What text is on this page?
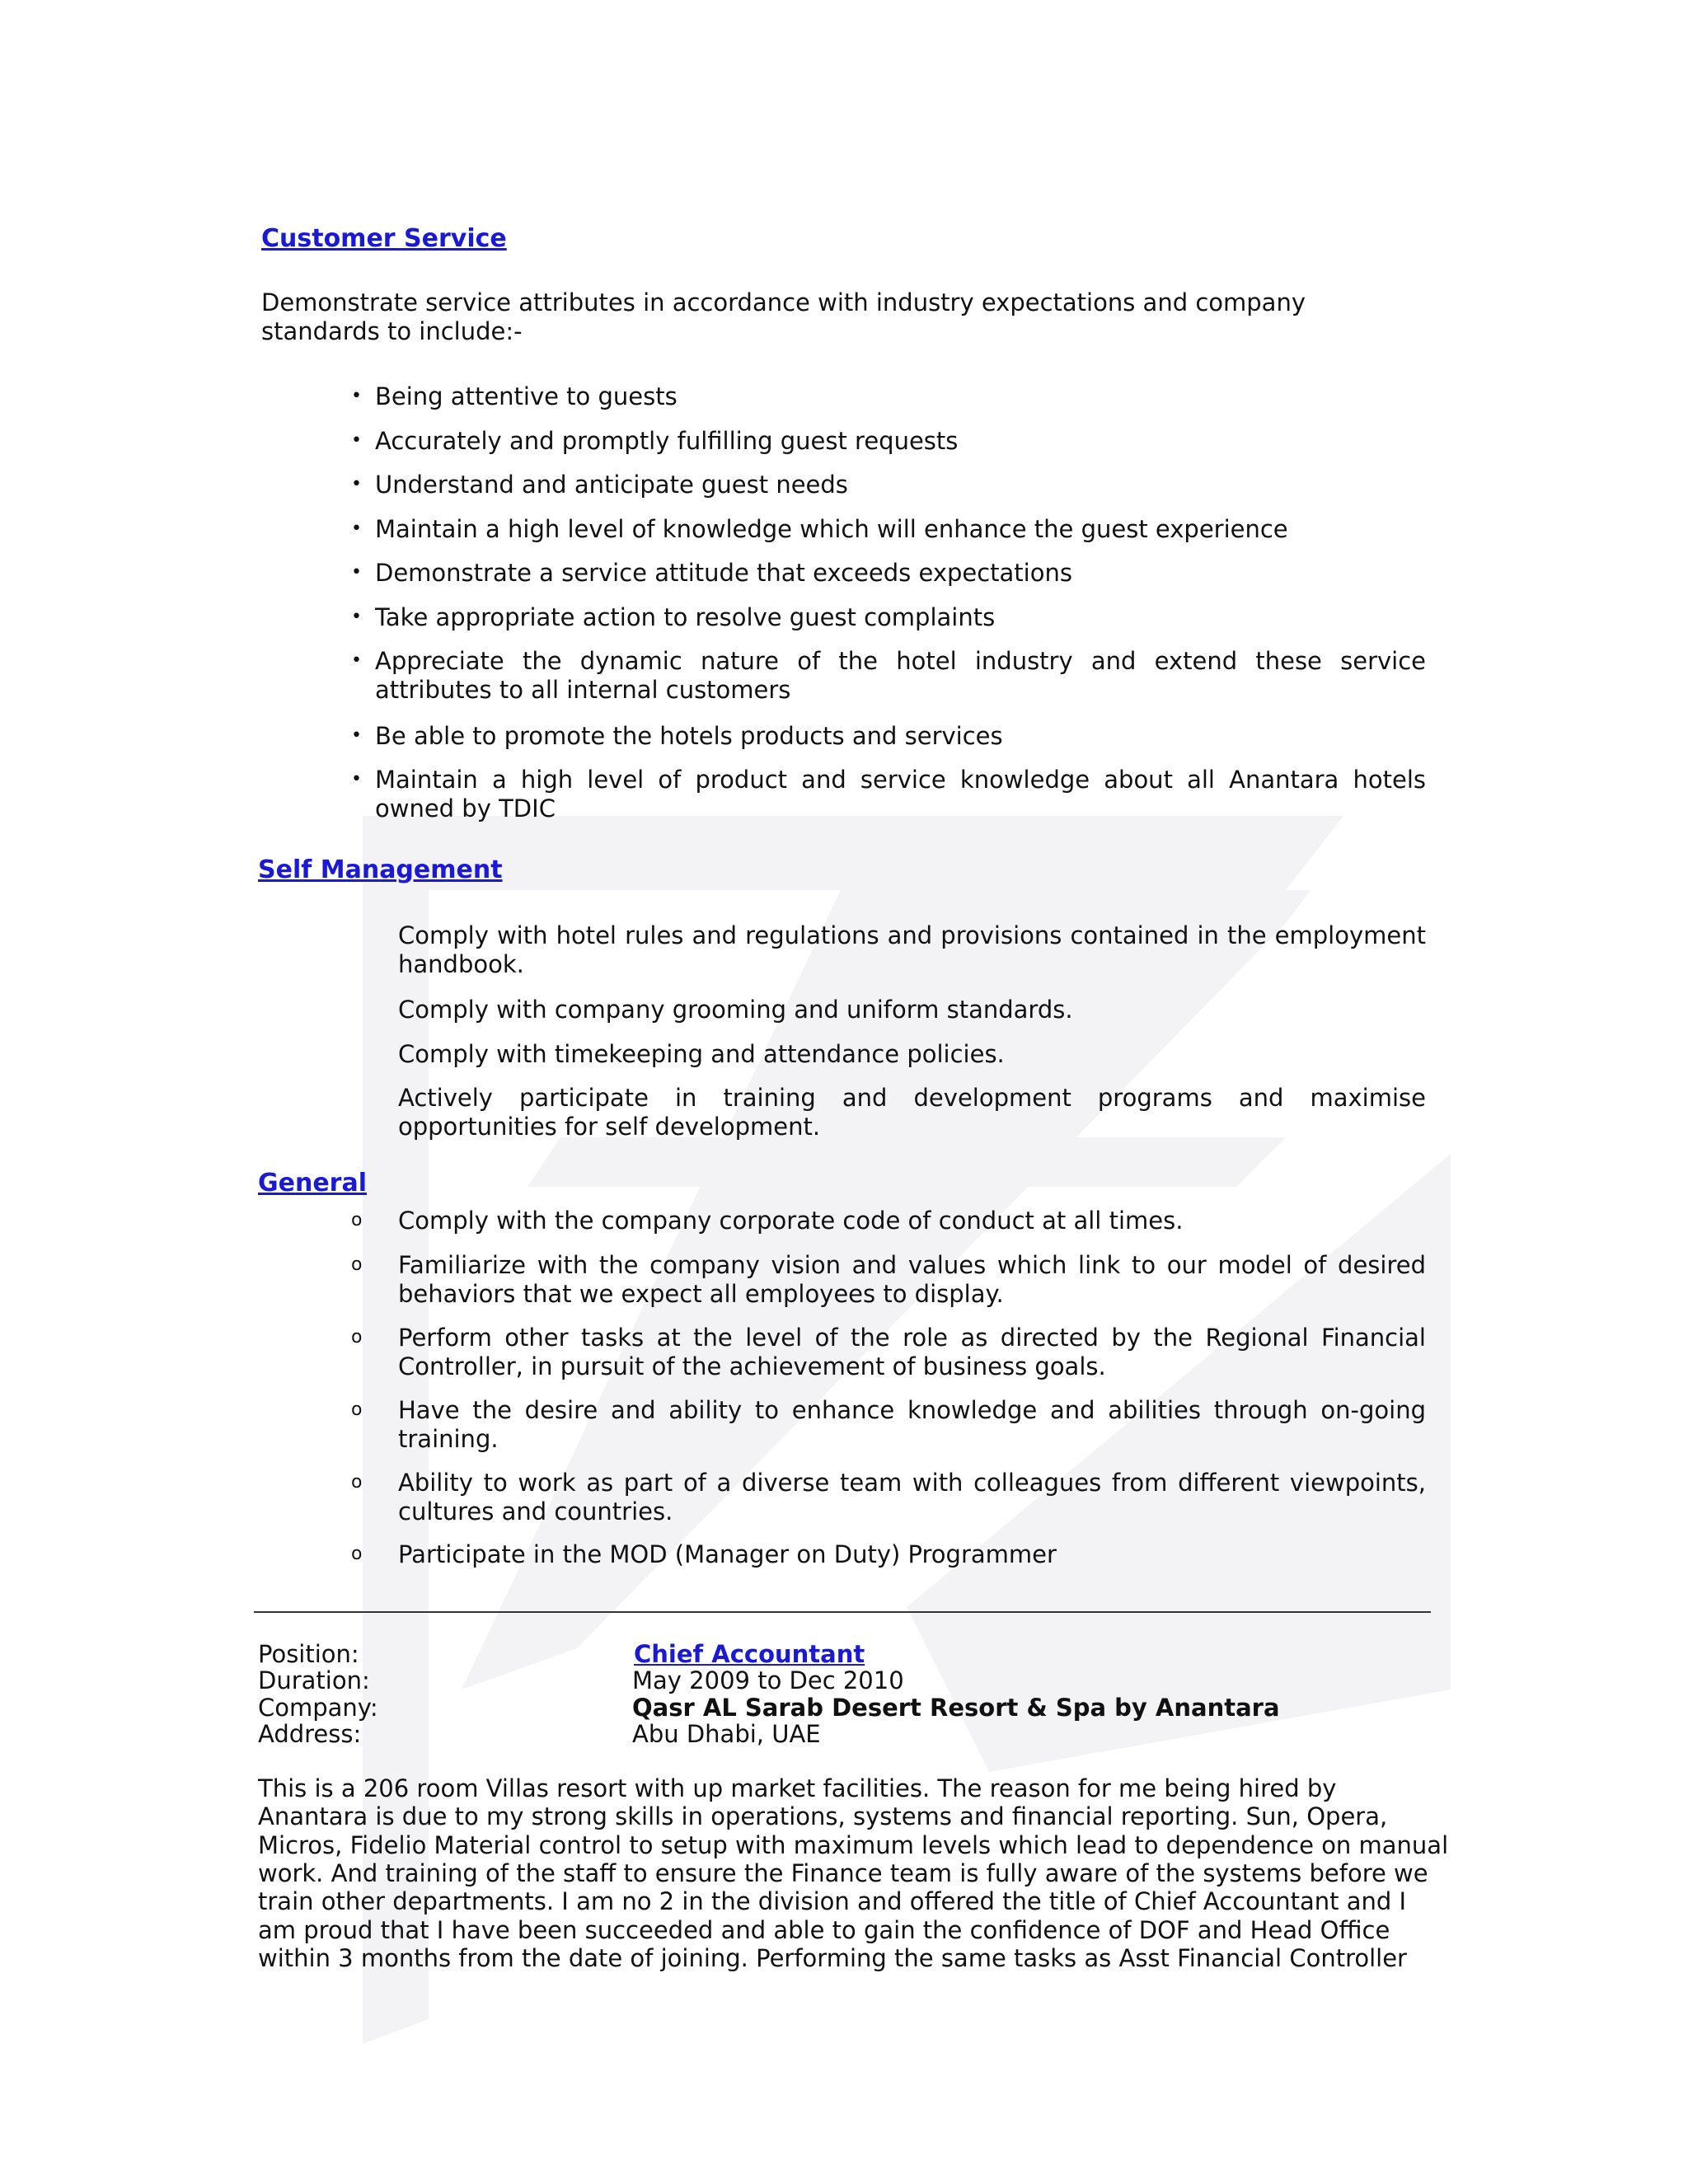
Customer Service

Demonstrate service attributes in accordance with industry expectations and company standards to include:-

• Being attentive to guests
• Accurately and promptly fulfilling guest requests
• Understand and anticipate guest needs
• Maintain a high level of knowledge which will enhance the guest experience
• Demonstrate a service attitude that exceeds expectations
• Take appropriate action to resolve guest complaints
• Appreciate the dynamic nature of the hotel industry and extend these service attributes to all internal customers
• Be able to promote the hotels products and services
• Maintain a high level of product and service knowledge about all Anantara hotels owned by TDIC
Self Management
Comply with hotel rules and regulations and provisions contained in the employment handbook.
Comply with company grooming and uniform standards.
Comply with timekeeping and attendance policies.
Actively participate in training and development programs and maximise opportunities for self development.
General
o Comply with the company corporate code of conduct at all times.
o Familiarize with the company vision and values which link to our model of desired behaviors that we expect all employees to display.
o Perform other tasks at the level of the role as directed by the Regional Financial Controller, in pursuit of the achievement of business goals.
o Have the desire and ability to enhance knowledge and abilities through on-going training.
o Ability to work as part of a diverse team with colleagues from different viewpoints, cultures and countries.
o Participate in the MOD (Manager on Duty) Programmer
Position:	Chief Accountant
Duration:	May 2009 to Dec 2010
Company:	Qasr AL Sarab Desert Resort & Spa by Anantara
Address:	Abu Dhabi, UAE
This is a 206 room Villas resort with up market facilities. The reason for me being hired by
Anantara is due to my strong skills in operations, systems and financial reporting. Sun, Opera,
Micros, Fidelio Material control to setup with maximum levels which lead to dependence on manual
work. And training of the staff to ensure the Finance team is fully aware of the systems before we
train other departments. I am no 2 in the division and offered the title of Chief Accountant and I
am proud that I have been succeeded and able to gain the confidence of DOF and Head Office
within 3 months from the date of joining. Performing the same tasks as Asst Financial Controller
